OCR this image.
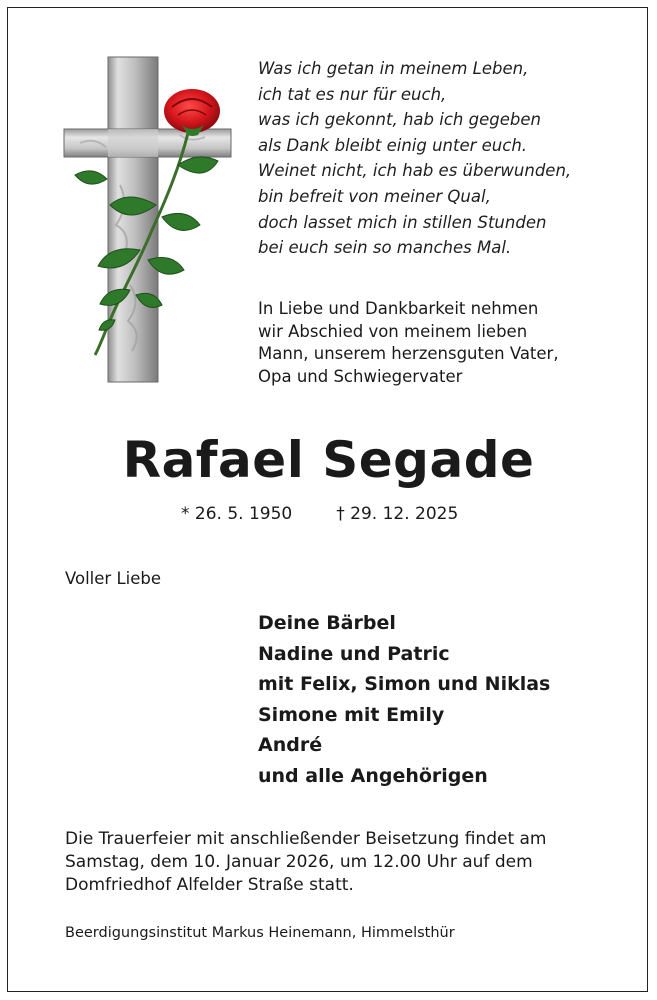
Was ich getan in meinem Leben,
ich tat es nur für euch,
was ich gekonnt, hab ich gegeben
als Dank bleibt einig unter euch.
Weinet nicht, ich hab es überwunden,
bin befreit von meiner Qual,
doch lasset mich in stillen Stunden
bei euch sein so manches Mal.
In Liebe und Dankbarkeit nehmen
wir Abschied von meinem lieben
Mann, unserem herzensguten Vater,
Opa und Schwiegervater
Rafael Segade
* 26. 5. 1950	† 29. 12. 2025
Voller Liebe
Deine Bärbel
Nadine und Patric
mit Felix, Simon und Niklas
Simone mit Emily
André
und alle Angehörigen
Die Trauerfeier mit anschließender Beisetzung findet am
Samstag, dem 10. Januar 2026, um 12.00 Uhr auf dem
Domfriedhof Alfelder Straße statt.
Beerdigungsinstitut Markus Heinemann, Himmelsthür
